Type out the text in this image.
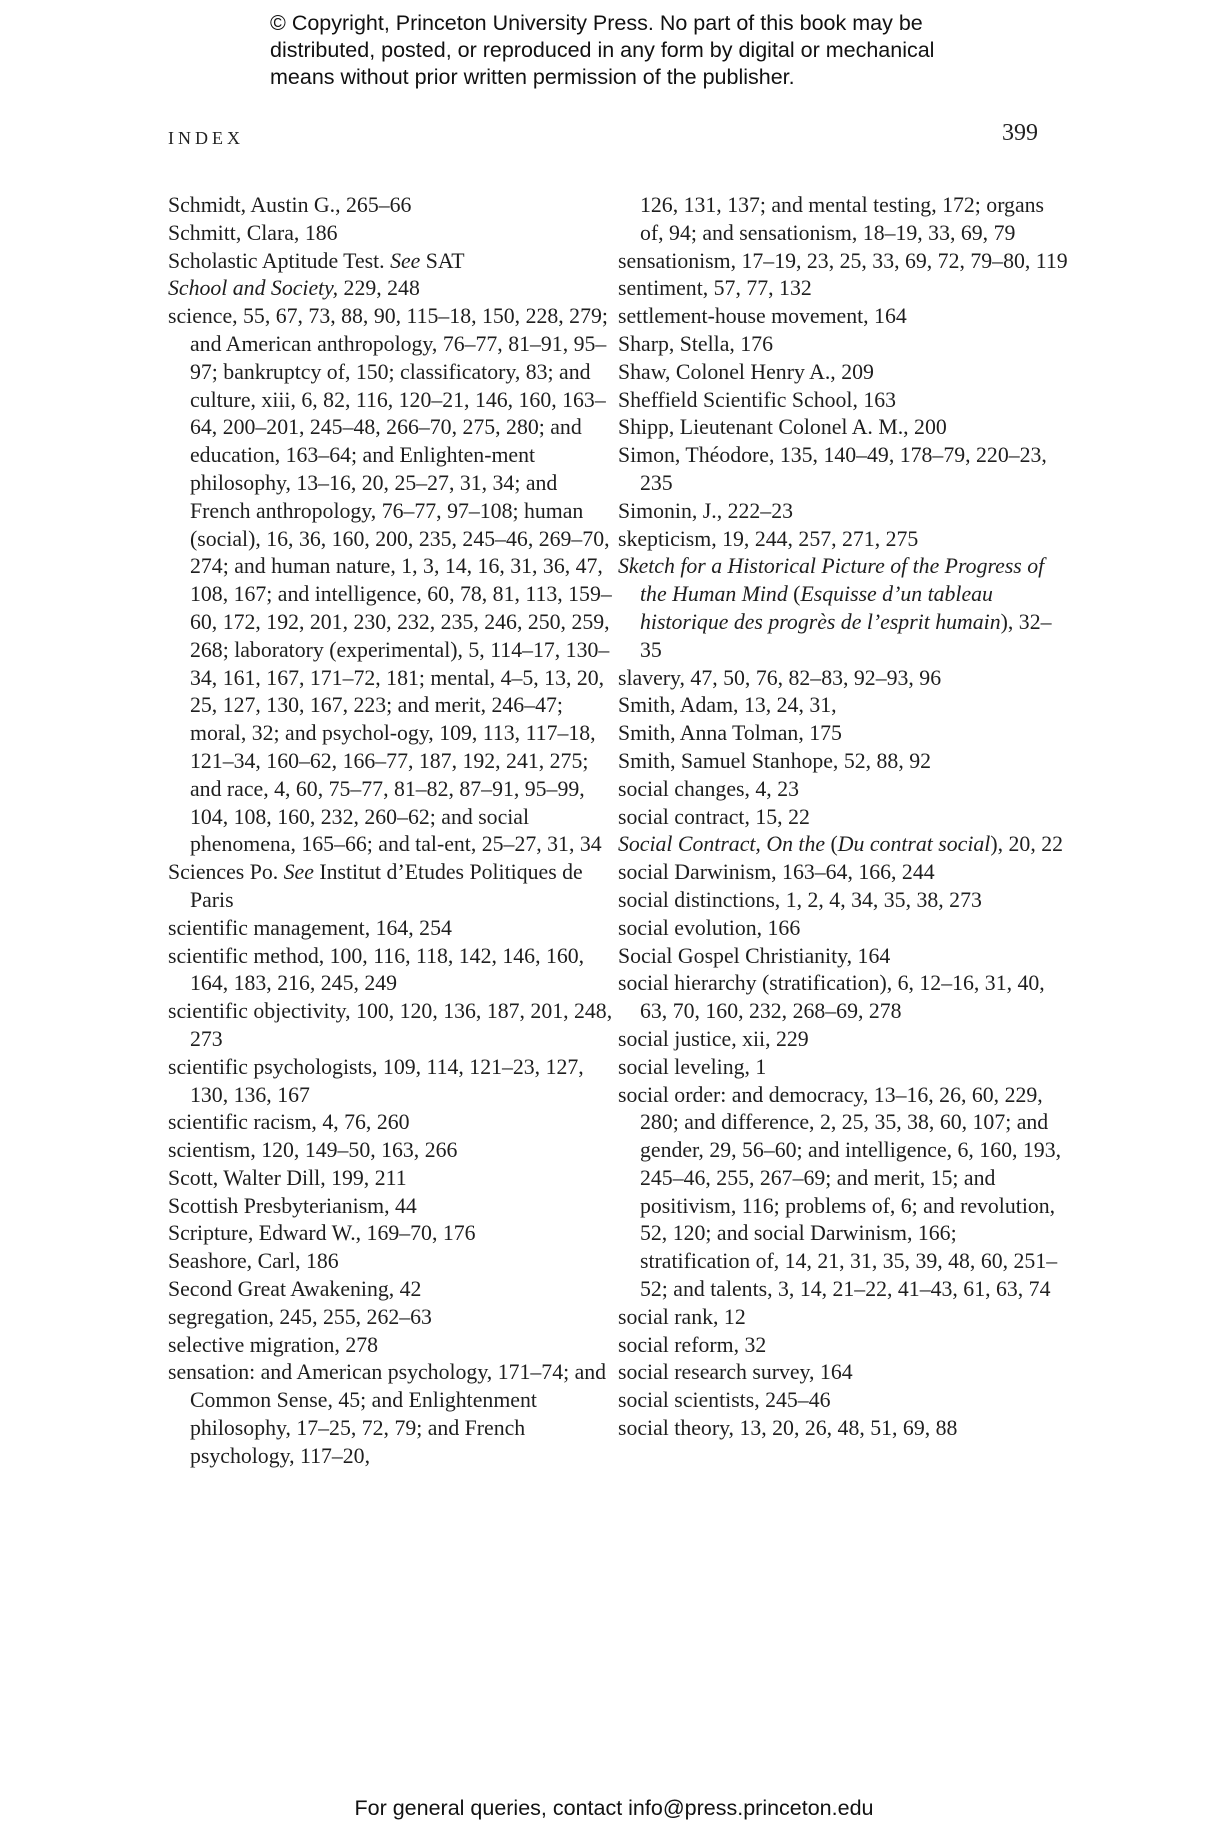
© Copyright, Princeton University Press. No part of this book may be
distributed, posted, or reproduced in any form by digital or mechanical
means without prior written permission of the publisher.
INDEX	399
Schmidt, Austin G., 265–66
Schmitt, Clara, 186
Scholastic Aptitude Test. See SAT
School and Society, 229, 248
science, 55, 67, 73, 88, 90, 115–18, 150, 228, 279; and American anthropology, 76–77, 81–91, 95–97; bankruptcy of, 150; classificatory, 83; and culture, xiii, 6, 82, 116, 120–21, 146, 160, 163–64, 200–201, 245–48, 266–70, 275, 280; and education, 163–64; and Enlighten-ment philosophy, 13–16, 20, 25–27, 31, 34; and French anthropology, 76–77, 97–108; human (social), 16, 36, 160, 200, 235, 245–46, 269–70, 274; and human nature, 1, 3, 14, 16, 31, 36, 47, 108, 167; and intelligence, 60, 78, 81, 113, 159–60, 172, 192, 201, 230, 232, 235, 246, 250, 259, 268; laboratory (experimental), 5, 114–17, 130–34, 161, 167, 171–72, 181; mental, 4–5, 13, 20, 25, 127, 130, 167, 223; and merit, 246–47; moral, 32; and psychol-ogy, 109, 113, 117–18, 121–34, 160–62, 166–77, 187, 192, 241, 275; and race, 4, 60, 75–77, 81–82, 87–91, 95–99, 104, 108, 160, 232, 260–62; and social phenomena, 165–66; and tal-ent, 25–27, 31, 34
Sciences Po. See Institut d’Etudes Politiques de Paris
scientific management, 164, 254
scientific method, 100, 116, 118, 142, 146, 160, 164, 183, 216, 245, 249
scientific objectivity, 100, 120, 136, 187, 201, 248, 273
scientific psychologists, 109, 114, 121–23, 127, 130, 136, 167
scientific racism, 4, 76, 260
scientism, 120, 149–50, 163, 266
Scott, Walter Dill, 199, 211
Scottish Presbyterianism, 44
Scripture, Edward W., 169–70, 176
Seashore, Carl, 186
Second Great Awakening, 42
segregation, 245, 255, 262–63
selective migration, 278
sensation: and American psychology, 171–74; and Common Sense, 45; and Enlightenment philosophy, 17–25, 72, 79; and French psychology, 117–20,
126, 131, 137; and mental testing, 172; organs of, 94; and sensationism, 18–19, 33, 69, 79
sensationism, 17–19, 23, 25, 33, 69, 72, 79–80, 119
sentiment, 57, 77, 132
settlement-house movement, 164
Sharp, Stella, 176
Shaw, Colonel Henry A., 209
Sheffield Scientific School, 163
Shipp, Lieutenant Colonel A. M., 200
Simon, Théodore, 135, 140–49, 178–79, 220–23, 235
Simonin, J., 222–23
skepticism, 19, 244, 257, 271, 275
Sketch for a Historical Picture of the Progress of the Human Mind (Esquisse d’un tableau historique des progrès de l’esprit humain), 32–35
slavery, 47, 50, 76, 82–83, 92–93, 96
Smith, Adam, 13, 24, 31,
Smith, Anna Tolman, 175
Smith, Samuel Stanhope, 52, 88, 92
social changes, 4, 23
social contract, 15, 22
Social Contract, On the (Du contrat social), 20, 22
social Darwinism, 163–64, 166, 244
social distinctions, 1, 2, 4, 34, 35, 38, 273
social evolution, 166
Social Gospel Christianity, 164
social hierarchy (stratification), 6, 12–16, 31, 40, 63, 70, 160, 232, 268–69, 278
social justice, xii, 229
social leveling, 1
social order: and democracy, 13–16, 26, 60, 229, 280; and difference, 2, 25, 35, 38, 60, 107; and gender, 29, 56–60; and intelligence, 6, 160, 193, 245–46, 255, 267–69; and merit, 15; and positivism, 116; problems of, 6; and revolution, 52, 120; and social Darwinism, 166; stratification of, 14, 21, 31, 35, 39, 48, 60, 251–52; and talents, 3, 14, 21–22, 41–43, 61, 63, 74
social rank, 12
social reform, 32
social research survey, 164
social scientists, 245–46
social theory, 13, 20, 26, 48, 51, 69, 88
For general queries, contact info@press.princeton.edu
